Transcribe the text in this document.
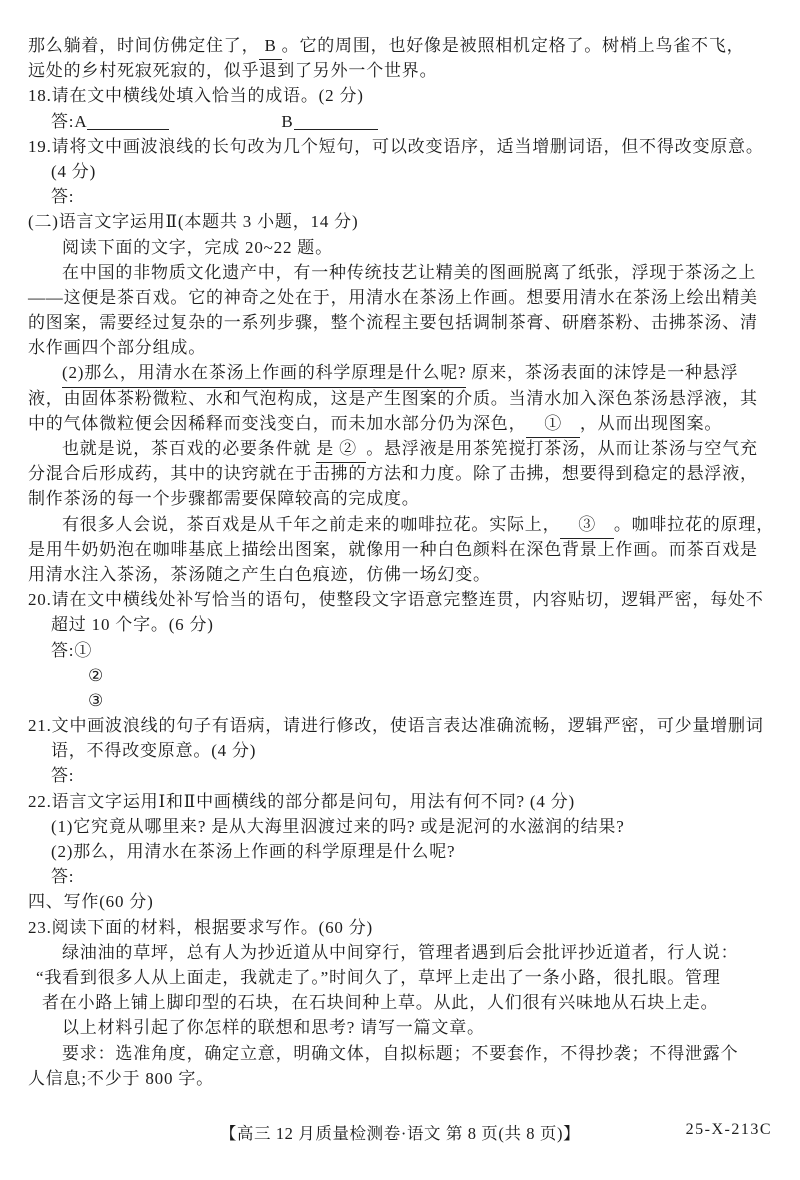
那么躺着，时间仿佛定住了， B 。它的周围，也好像是被照相机定格了。树梢上鸟雀不飞，
远处的乡村死寂死寂的，似乎退到了另外一个世界。
18.请在文中横线处填入恰当的成语。(2 分)
答:A	B
19.请将文中画波浪线的长句改为几个短句，可以改变语序，适当增删词语，但不得改变原意。
(4 分)
答:
(二)语言文字运用Ⅱ(本题共 3 小题，14 分)
阅读下面的文字，完成 20~22 题。
在中国的非物质文化遗产中，有一种传统技艺让精美的图画脱离了纸张，浮现于茶汤之上
——这便是茶百戏。它的神奇之处在于，用清水在茶汤上作画。想要用清水在茶汤上绘出精美
的图案，需要经过复杂的一系列步骤，整个流程主要包括调制茶膏、研磨茶粉、击拂茶汤、清
水作画四个部分组成。
(2)那么，用清水在茶汤上作画的科学原理是什么呢? 原来，茶汤表面的沫饽是一种悬浮
液，由固体茶粉微粒、水和气泡构成，这是产生图案的介质。当清水加入深色茶汤悬浮液，其
中的气体微粒便会因稀释而变浅变白，而未加水部分仍为深色， 　①　 ，从而出现图案。
也就是说，茶百戏的必要条件就 是 ②  。悬浮液是用茶筅搅打茶汤，从而让茶汤与空气充
分混合后形成药，其中的诀窍就在于击拂的方法和力度。除了击拂，想要得到稳定的悬浮液，
制作茶汤的每一个步骤都需要保障较高的完成度。
有很多人会说，茶百戏是从千年之前走来的咖啡拉花。实际上， 　③　 。咖啡拉花的原理，
是用牛奶奶泡在咖啡基底上描绘出图案，就像用一种白色颜料在深色背景上作画。而茶百戏是
用清水注入茶汤，茶汤随之产生白色痕迹，仿佛一场幻变。
20.请在文中横线处补写恰当的语句，使整段文字语意完整连贯，内容贴切，逻辑严密，每处不
超过 10 个字。(6 分)
答:①
②
③
21.文中画波浪线的句子有语病，请进行修改，使语言表达准确流畅，逻辑严密，可少量增删词
语，不得改变原意。(4 分)
答:
22.语言文字运用Ⅰ和Ⅱ中画横线的部分都是问句，用法有何不同? (4 分)
(1)它究竟从哪里来? 是从大海里泅渡过来的吗? 或是泥河的水滋润的结果?
(2)那么，用清水在茶汤上作画的科学原理是什么呢?
答:
四、写作(60 分)
23.阅读下面的材料，根据要求写作。(60 分)
绿油油的草坪，总有人为抄近道从中间穿行，管理者遇到后会批评抄近道者，行人说：
“我看到很多人从上面走，我就走了。”时间久了，草坪上走出了一条小路，很扎眼。管理
者在小路上铺上脚印型的石块，在石块间种上草。从此，人们很有兴味地从石块上走。
以上材料引起了你怎样的联想和思考? 请写一篇文章。
要求：选准角度，确定立意，明确文体，自拟标题；不要套作，不得抄袭；不得泄露个
人信息;不少于 800 字。
【高三 12 月质量检测卷·语文 第 8 页(共 8 页)】	25-X-213C
